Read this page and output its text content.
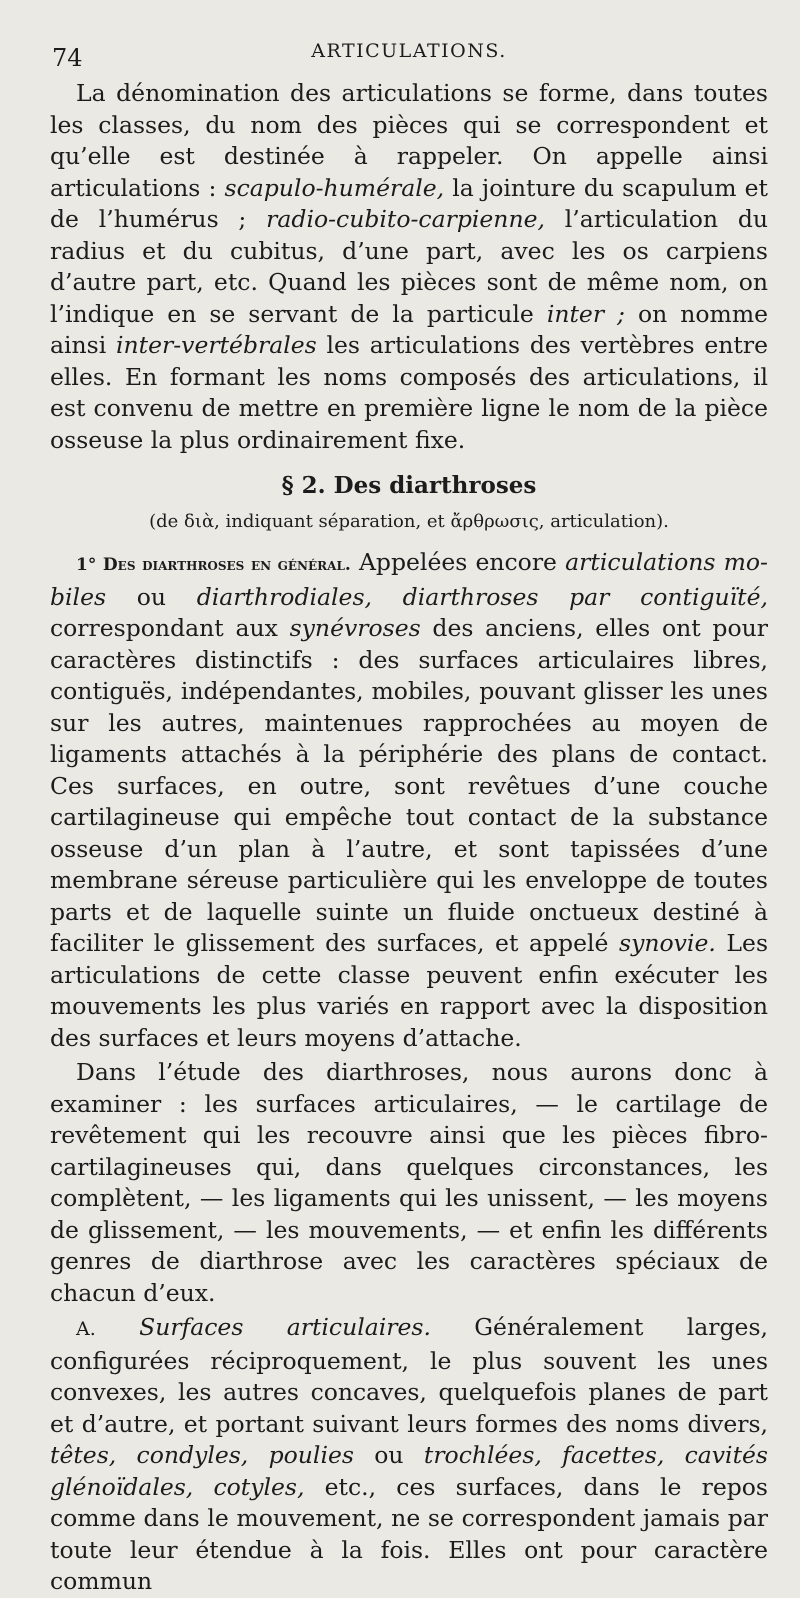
74	ARTICULATIONS.

La dénomination des articulations se forme, dans toutes les classes, du nom des pièces qui se correspondent et qu’elle est destinée à rappeler. On appelle ainsi articulations : scapulo-humérale, la jointure du scapulum et de l’humérus ; radio-cubito-carpienne, l’articulation du radius et du cubitus, d’une part, avec les os carpiens d’autre part, etc. Quand les pièces sont de même nom, on l’indique en se servant de la particule inter ; on nomme ainsi inter-vertébrales les articulations des vertèbres entre elles. En formant les noms composés des articulations, il est convenu de mettre en première ligne le nom de la pièce osseuse la plus ordinairement fixe.

§ 2. Des diarthroses
(de διὰ, indiquant séparation, et ἄρθρωσις, articulation).

1° Des diarthroses en général. Appelées encore articulations mobiles ou diarthrodiales, diarthroses par contiguïté, correspondant aux synévroses des anciens, elles ont pour caractères distinctifs : des surfaces articulaires libres, contiguës, indépendantes, mobiles, pouvant glisser les unes sur les autres, maintenues rapprochées au moyen de ligaments attachés à la périphérie des plans de contact. Ces surfaces, en outre, sont revêtues d’une couche cartilagineuse qui empêche tout contact de la substance osseuse d’un plan à l’autre, et sont tapissées d’une membrane séreuse particulière qui les enveloppe de toutes parts et de laquelle suinte un fluide onctueux destiné à faciliter le glissement des surfaces, et appelé synovie. Les articulations de cette classe peuvent enfin exécuter les mouvements les plus variés en rapport avec la disposition des surfaces et leurs moyens d’attache.

Dans l’étude des diarthroses, nous aurons donc à examiner : les surfaces articulaires, — le cartilage de revêtement qui les recouvre ainsi que les pièces fibro-cartilagineuses qui, dans quelques circonstances, les complètent, — les ligaments qui les unissent, — les moyens de glissement, — les mouvements, — et enfin les différents genres de diarthrose avec les caractères spéciaux de chacun d’eux.

A. Surfaces articulaires. Généralement larges, configurées réciproquement, le plus souvent les unes convexes, les autres concaves, quelquefois planes de part et d’autre, et portant suivant leurs formes des noms divers, têtes, condyles, poulies ou trochlées, facettes, cavités glénoïdales, cotyles, etc., ces surfaces, dans le repos comme dans le mouvement, ne se correspondent jamais par toute leur étendue à la fois. Elles ont pour caractère commun
